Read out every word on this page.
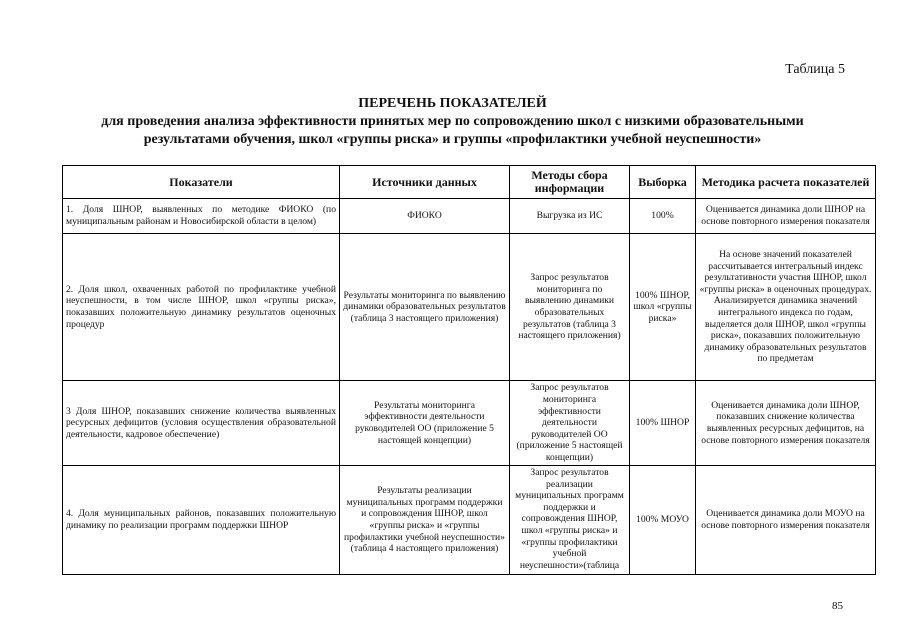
Таблица 5
ПЕРЕЧЕНЬ ПОКАЗАТЕЛЕЙ
для проведения анализа эффективности принятых мер по сопровождению школ с низкими образовательными
результатами обучения, школ «группы риска» и группы «профилактики учебной неуспешности»
Показатели	Источники данных	Методы сбора информации	Выборка	Методика расчета показателей
1. Доля ШНОР, выявленных по методике ФИОКО (по муниципальным районам и Новосибирской области в целом)	ФИОКО	Выгрузка из ИС	100%	Оценивается динамика доли ШНОР на основе повторного измерения показателя
2. Доля школ, охваченных работой по профилактике учебной неуспешности, в том числе ШНОР, школ «группы риска», показавших положительную динамику результатов оценочных процедур	Результаты мониторинга по выявлению динамики образовательных результатов (таблица 3 настоящего приложения)	Запрос результатов мониторинга по выявлению динамики образовательных результатов (таблица 3 настоящего приложения)	100% ШНОР, школ «группы риска»	На основе значений показателей рассчитывается интегральный индекс результативности участия ШНОР, школ «группы риска» в оценочных процедурах. Анализируется динамика значений интегрального индекса по годам, выделяется доля ШНОР, школ «группы риска», показавших положительную динамику образовательных результатов по предметам
3 Доля ШНОР, показавших снижение количества выявленных ресурсных дефицитов (условия осуществления образовательной деятельности, кадровое обеспечение)	Результаты мониторинга эффективности деятельности руководителей ОО (приложение 5 настоящей концепции)	Запрос результатов мониторинга эффективности деятельности руководителей ОО (приложение 5 настоящей концепции)	100% ШНОР	Оценивается динамика доли ШНОР, показавших снижение количества выявленных ресурсных дефицитов, на основе повторного измерения показателя
4. Доля муниципальных районов, показавших положительную динамику по реализации программ поддержки ШНОР	Результаты реализации муниципальных программ поддержки и сопровождения ШНОР, школ «группы риска» и «группы профилактики учебной неуспешности» (таблица 4 настоящего приложения)	Запрос результатов реализации муниципальных программ поддержки и сопровождения ШНОР, школ «группы риска» и «группы профилактики учебной неуспешности»(таблица	100% МОУО	Оценивается динамика доли МОУО на основе повторного измерения показателя
85
